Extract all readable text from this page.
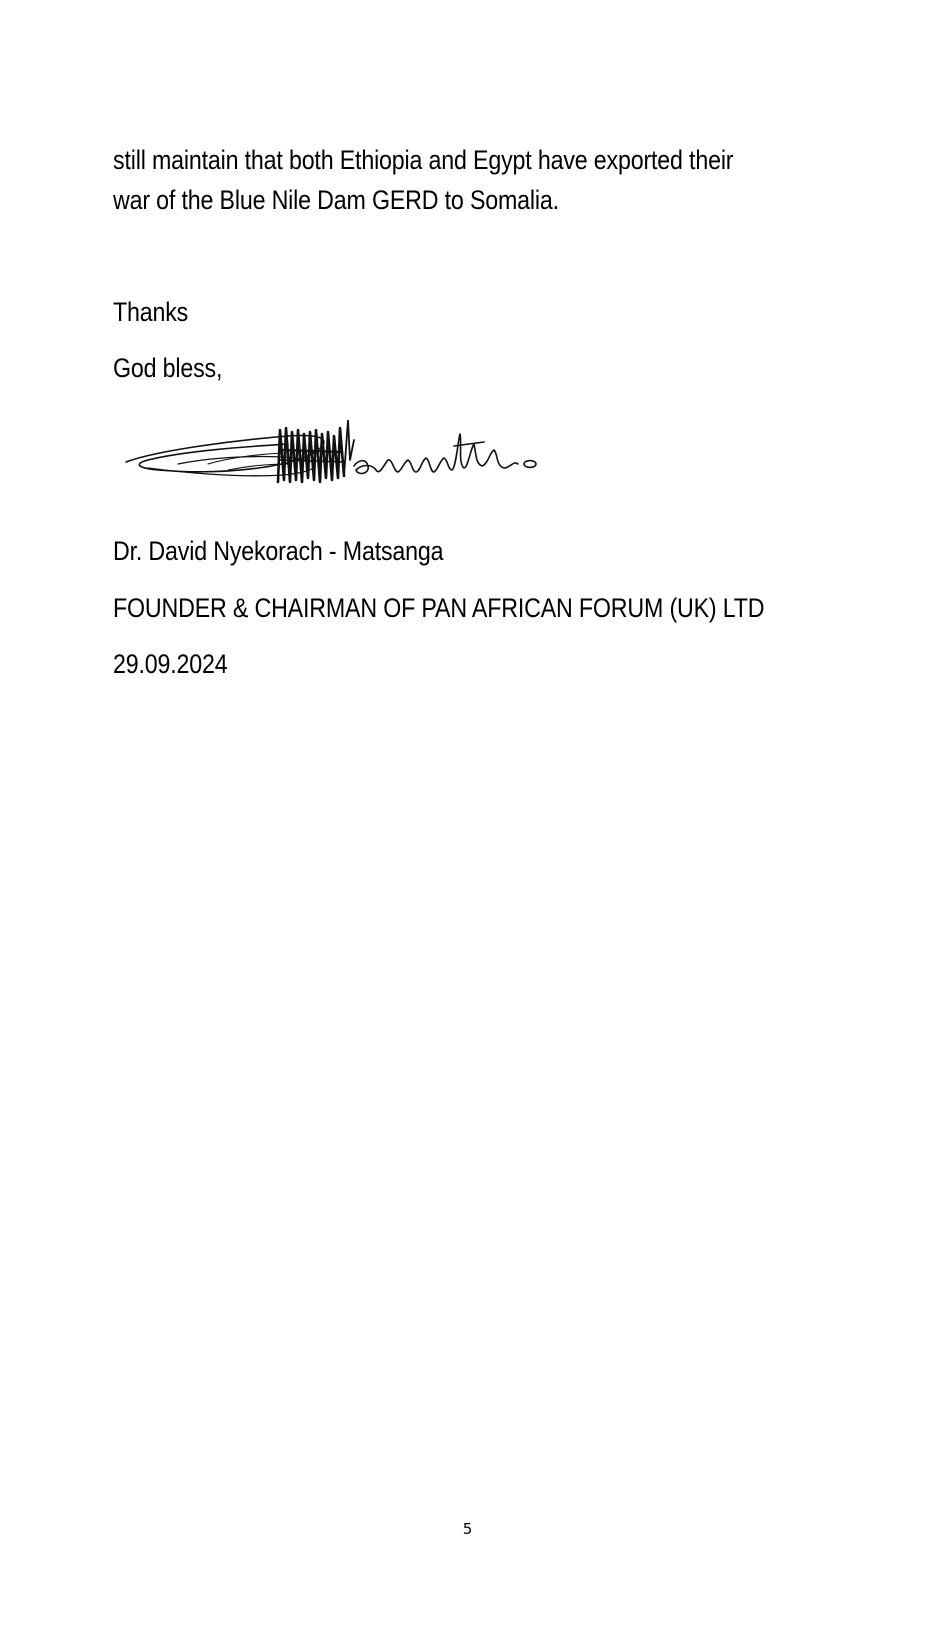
still maintain that both Ethiopia and Egypt have exported their
war of the Blue Nile Dam GERD to Somalia.
Thanks
God bless,
Dr. David Nyekorach - Matsanga
FOUNDER & CHAIRMAN OF PAN AFRICAN FORUM (UK) LTD
29.09.2024
5
